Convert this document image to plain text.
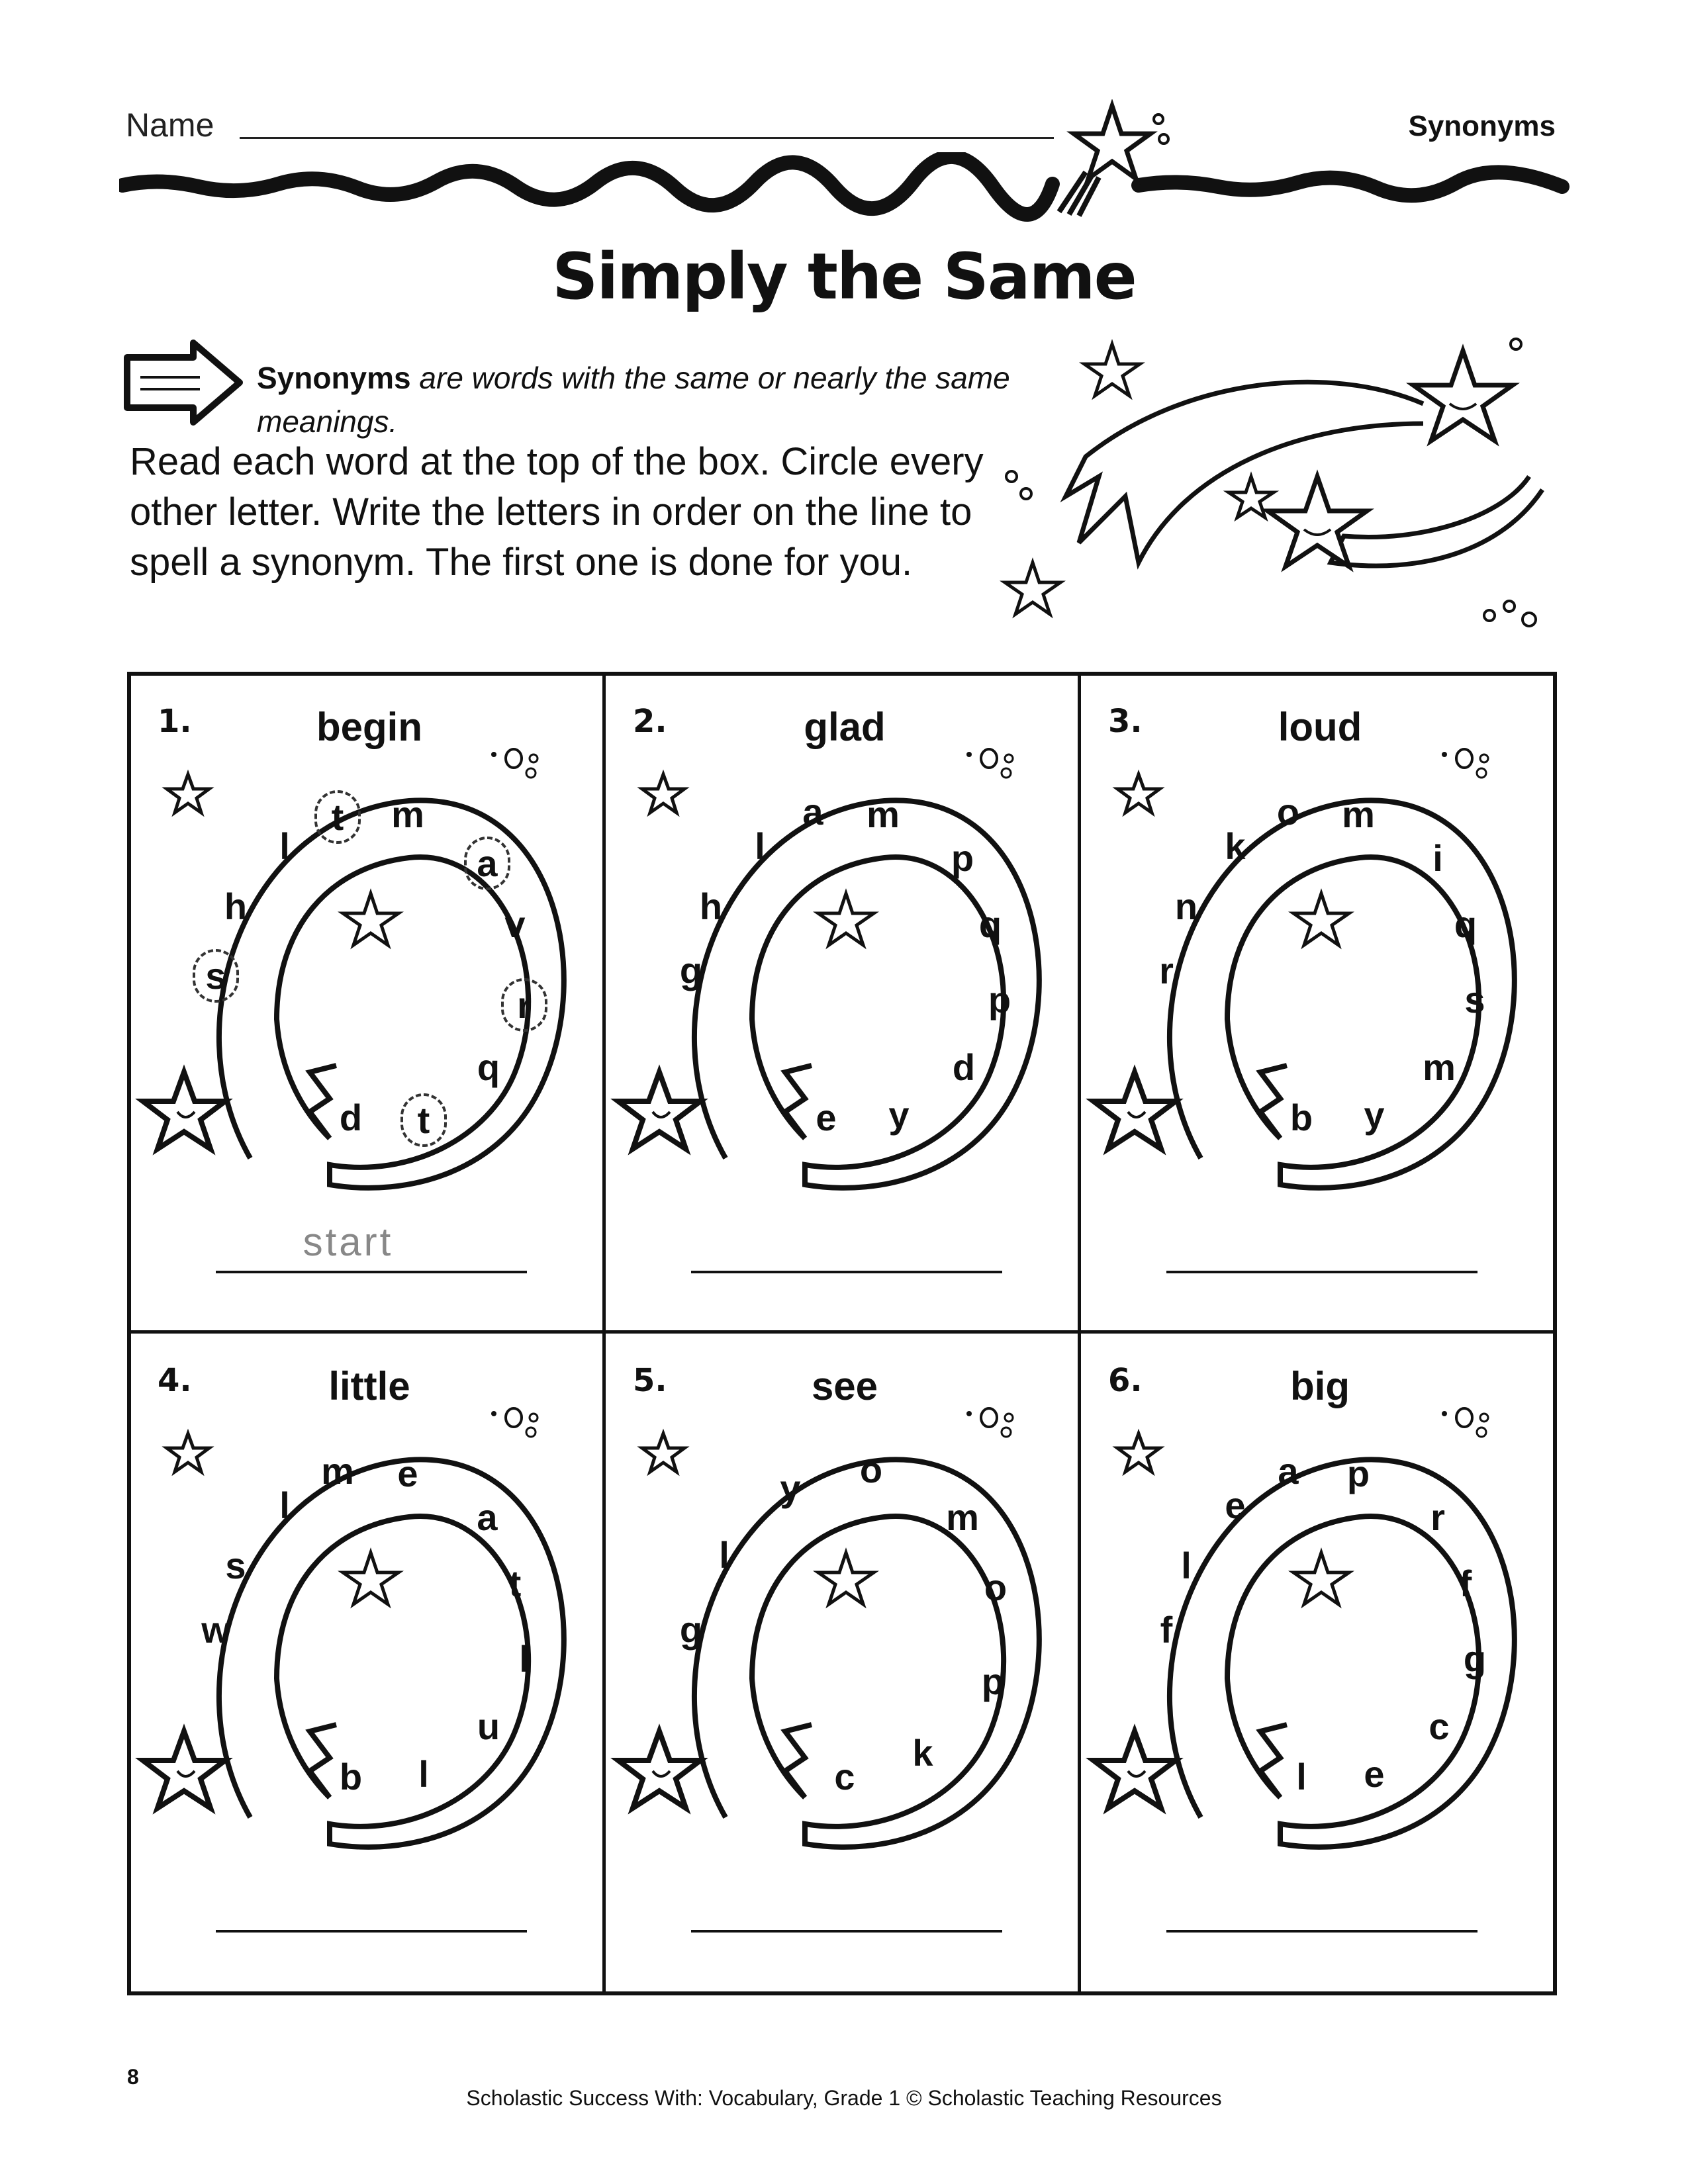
Name	Synonyms
Simply the Same
Synonyms are words with the same or nearly the same meanings.
Read each word at the top of the box. Circle every other letter. Write the letters in order on the line to spell a synonym. The first one is done for you.
1.	begin
s
h
l
t	m
a
v
r
q
t
d
start
2.	glad
g
h
l
a m
p
q
p
d
y
e
3.	loud
r
n
k
o m
i
q
s
m
y
b
4.	little
w
s
l
m e
a
t
l
u
l
b
5.	see
g
l
y o
m
o
p
k
c
6.	big
f
l
e
a p
r
f
g
c
e
l
8
Scholastic Success With: Vocabulary, Grade 1 © Scholastic Teaching Resources
